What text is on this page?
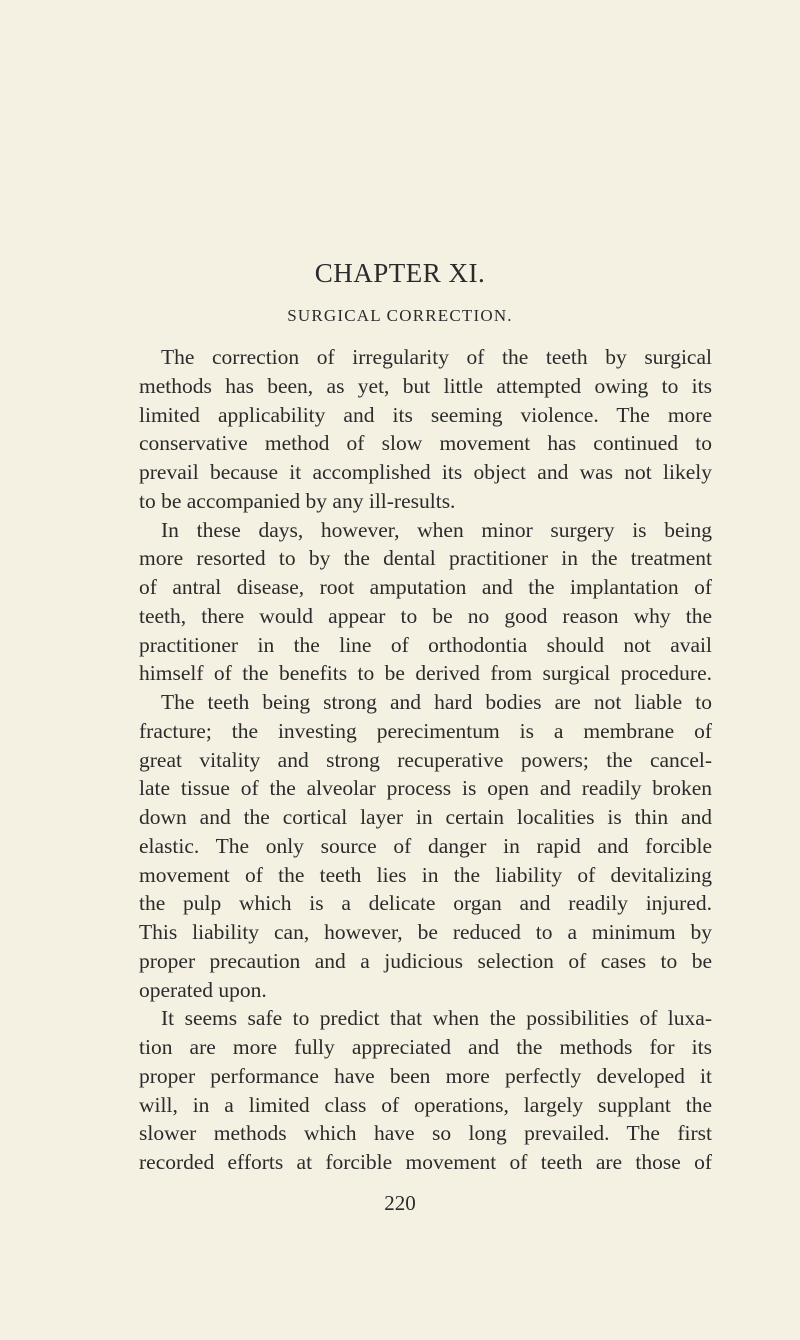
CHAPTER XI.
SURGICAL CORRECTION.
The correction of irregularity of the teeth by surgical
methods has been, as yet, but little attempted owing to its
limited applicability and its seeming violence. The more
conservative method of slow movement has continued to
prevail because it accomplished its object and was not likely
to be accompanied by any ill-results.
In these days, however, when minor surgery is being
more resorted to by the dental practitioner in the treatment
of antral disease, root amputation and the implantation of
teeth, there would appear to be no good reason why the
practitioner in the line of orthodontia should not avail
himself of the benefits to be derived from surgical procedure.
The teeth being strong and hard bodies are not liable to
fracture; the investing perecimentum is a membrane of
great vitality and strong recuperative powers; the cancel-
late tissue of the alveolar process is open and readily broken
down and the cortical layer in certain localities is thin and
elastic. The only source of danger in rapid and forcible
movement of the teeth lies in the liability of devitalizing
the pulp which is a delicate organ and readily injured.
This liability can, however, be reduced to a minimum by
proper precaution and a judicious selection of cases to be
operated upon.
It seems safe to predict that when the possibilities of luxa-
tion are more fully appreciated and the methods for its
proper performance have been more perfectly developed it
will, in a limited class of operations, largely supplant the
slower methods which have so long prevailed. The first
recorded efforts at forcible movement of teeth are those of
220
